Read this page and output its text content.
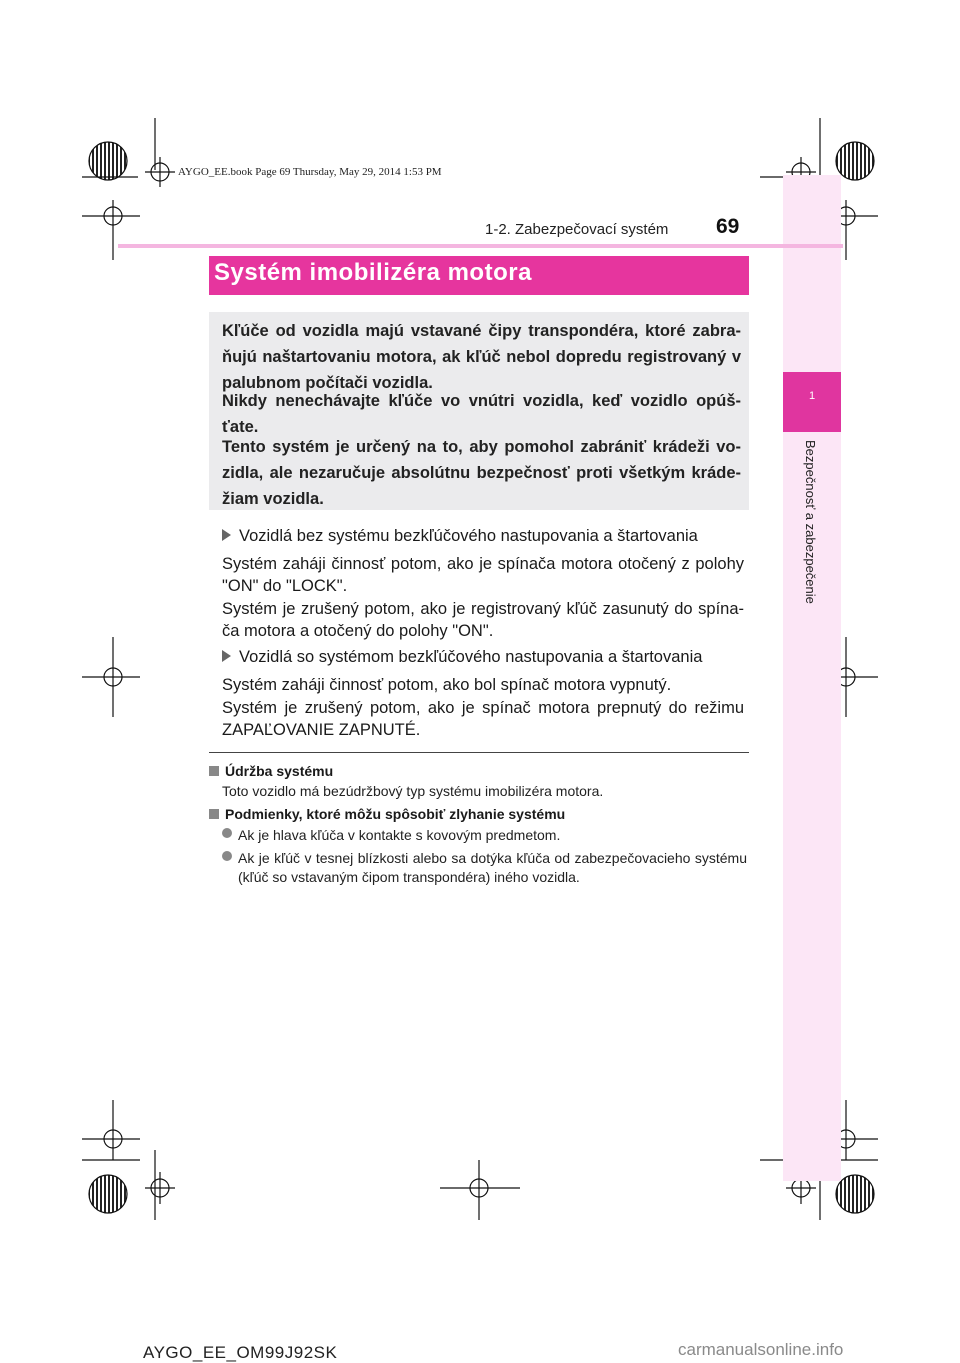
AYGO_EE.book Page 69 Thursday, May 29, 2014 1:53 PM
1
Bezpečnosť a zabezpečenie
69
1-2. Zabezpečovací systém
Systém imobilizéra motora
Kľúče od vozidla majú vstavané čipy transpondéra, ktoré zabra-ňujú naštartovaniu motora, ak kľúč nebol dopredu registrovaný v palubnom počítači vozidla.
Nikdy nenechávajte kľúče vo vnútri vozidla, keď vozidlo opúš-ťate.
Tento systém je určený na to, aby pomohol zabrániť krádeži vo-zidla, ale nezaručuje absolútnu bezpečnosť proti všetkým kráde-žiam vozidla.
Vozidlá bez systému bezkľúčového nastupovania a štartovania
Systém zaháji činnosť potom, ako je spínača motora otočený z polohy "ON" do "LOCK".
Systém je zrušený potom, ako je registrovaný kľúč zasunutý do spína-ča motora a otočený do polohy "ON".
Vozidlá so systémom bezkľúčového nastupovania a štartovania
Systém zaháji činnosť potom, ako bol spínač motora vypnutý.
Systém je zrušený potom, ako je spínač motora prepnutý do režimu ZAPAĽOVANIE ZAPNUTÉ.
Údržba systému
Toto vozidlo má bezúdržbový typ systému imobilizéra motora.
Podmienky, ktoré môžu spôsobiť zlyhanie systému
Ak je hlava kľúča v kontakte s kovovým predmetom.
Ak je kľúč v tesnej blízkosti alebo sa dotýka kľúča od zabezpečovacieho systému (kľúč so vstavaným čipom transpondéra) iného vozidla.
AYGO_EE_OM99J92SK	carmanualsonline.info
